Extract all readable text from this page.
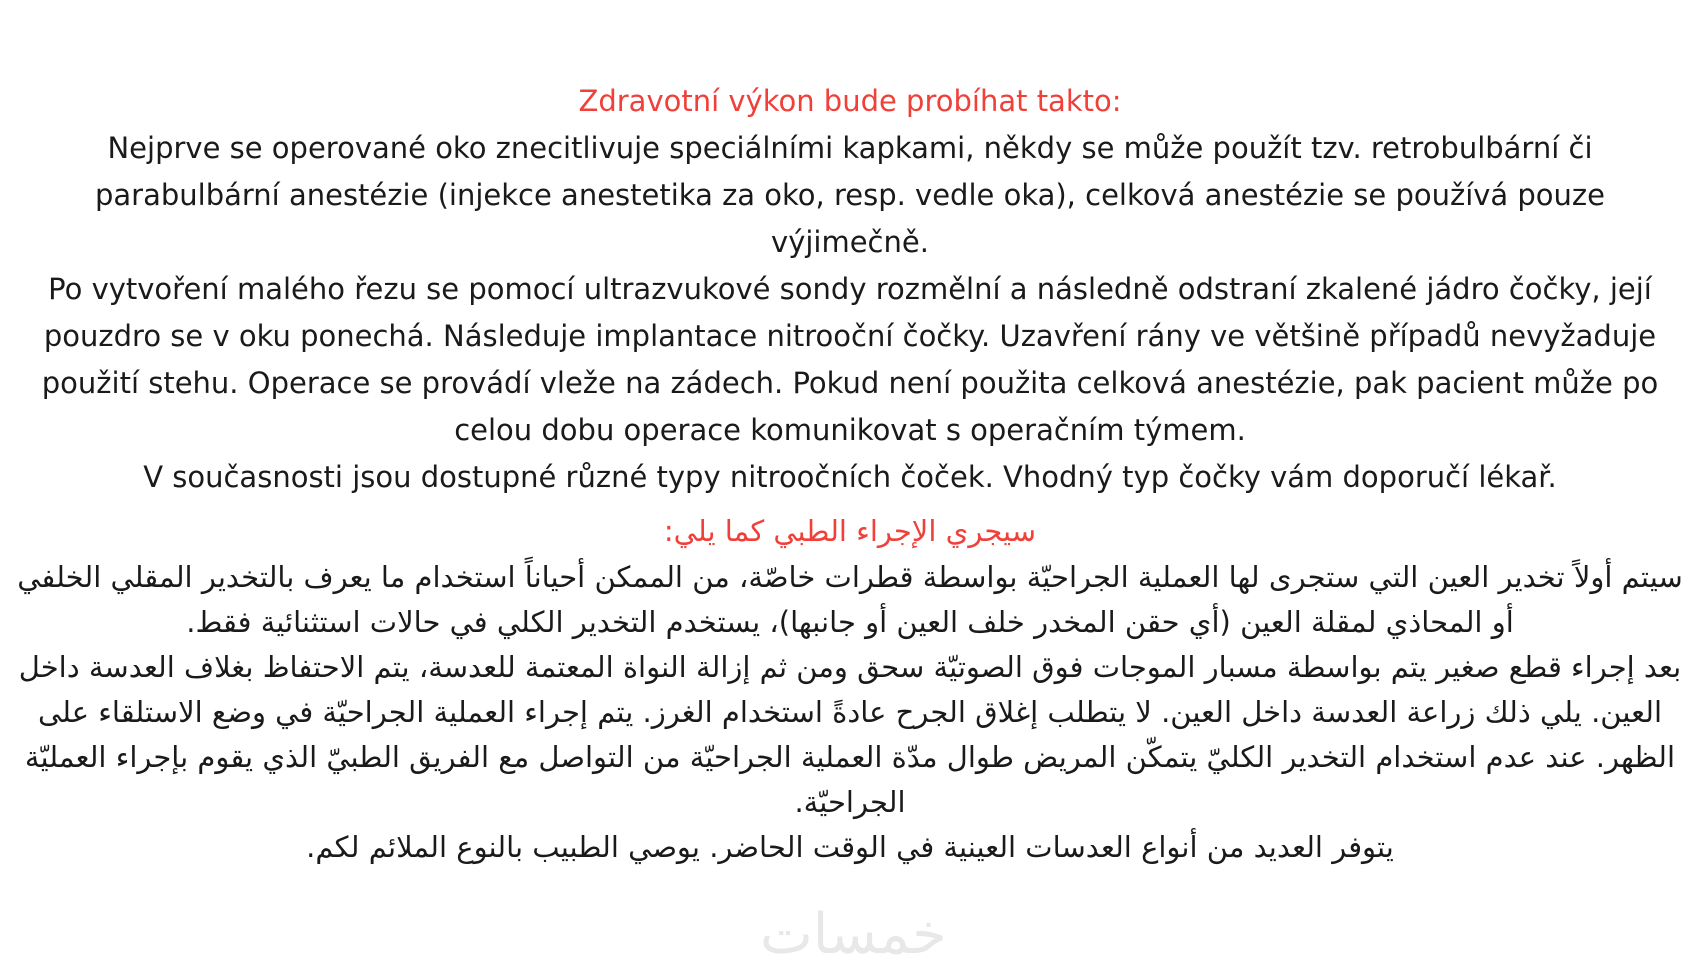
Zdravotní výkon bude probíhat takto:

Nejprve se operované oko znecitlivuje speciálními kapkami, někdy se může použít tzv. retrobulbární či parabulbární anestézie (injekce anestetika za oko, resp. vedle oka), celková anestézie se používá pouze výjimečně.

Po vytvoření malého řezu se pomocí ultrazvukové sondy rozmělní a následně odstraní zkalené jádro čočky, její pouzdro se v oku ponechá. Následuje implantace nitrooční čočky. Uzavření rány ve většině případů nevyžaduje použití stehu. Operace se provádí vleže na zádech. Pokud není použita celková anestézie, pak pacient může po celou dobu operace komunikovat s operačním týmem.

V současnosti jsou dostupné různé typy nitroočních čoček. Vhodný typ čočky vám doporučí lékař.

سيجري الإجراء الطبي كما يلي:

سيتم أولاً تخدير العين التي ستجرى لها العملية الجراحيّة بواسطة قطرات خاصّة، من الممكن أحياناً استخدام ما يعرف بالتخدير المقلي الخلفي أو المحاذي لمقلة العين (أي حقن المخدر خلف العين أو جانبها)، يستخدم التخدير الكلي في حالات استثنائية فقط.

بعد إجراء قطع صغير يتم بواسطة مسبار الموجات فوق الصوتيّة سحق ومن ثم إزالة النواة المعتمة للعدسة، يتم الاحتفاظ بغلاف العدسة داخل العين. يلي ذلك زراعة العدسة داخل العين. لا يتطلب إغلاق الجرح عادةً استخدام الغرز. يتم إجراء العملية الجراحيّة في وضع الاستلقاء على الظهر. عند عدم استخدام التخدير الكليّ يتمكّن المريض طوال مدّة العملية الجراحيّة من التواصل مع الفريق الطبيّ الذي يقوم بإجراء العمليّة الجراحيّة.

يتوفر العديد من أنواع العدسات العينية في الوقت الحاضر. يوصي الطبيب بالنوع الملائم لكم.

خمسات
